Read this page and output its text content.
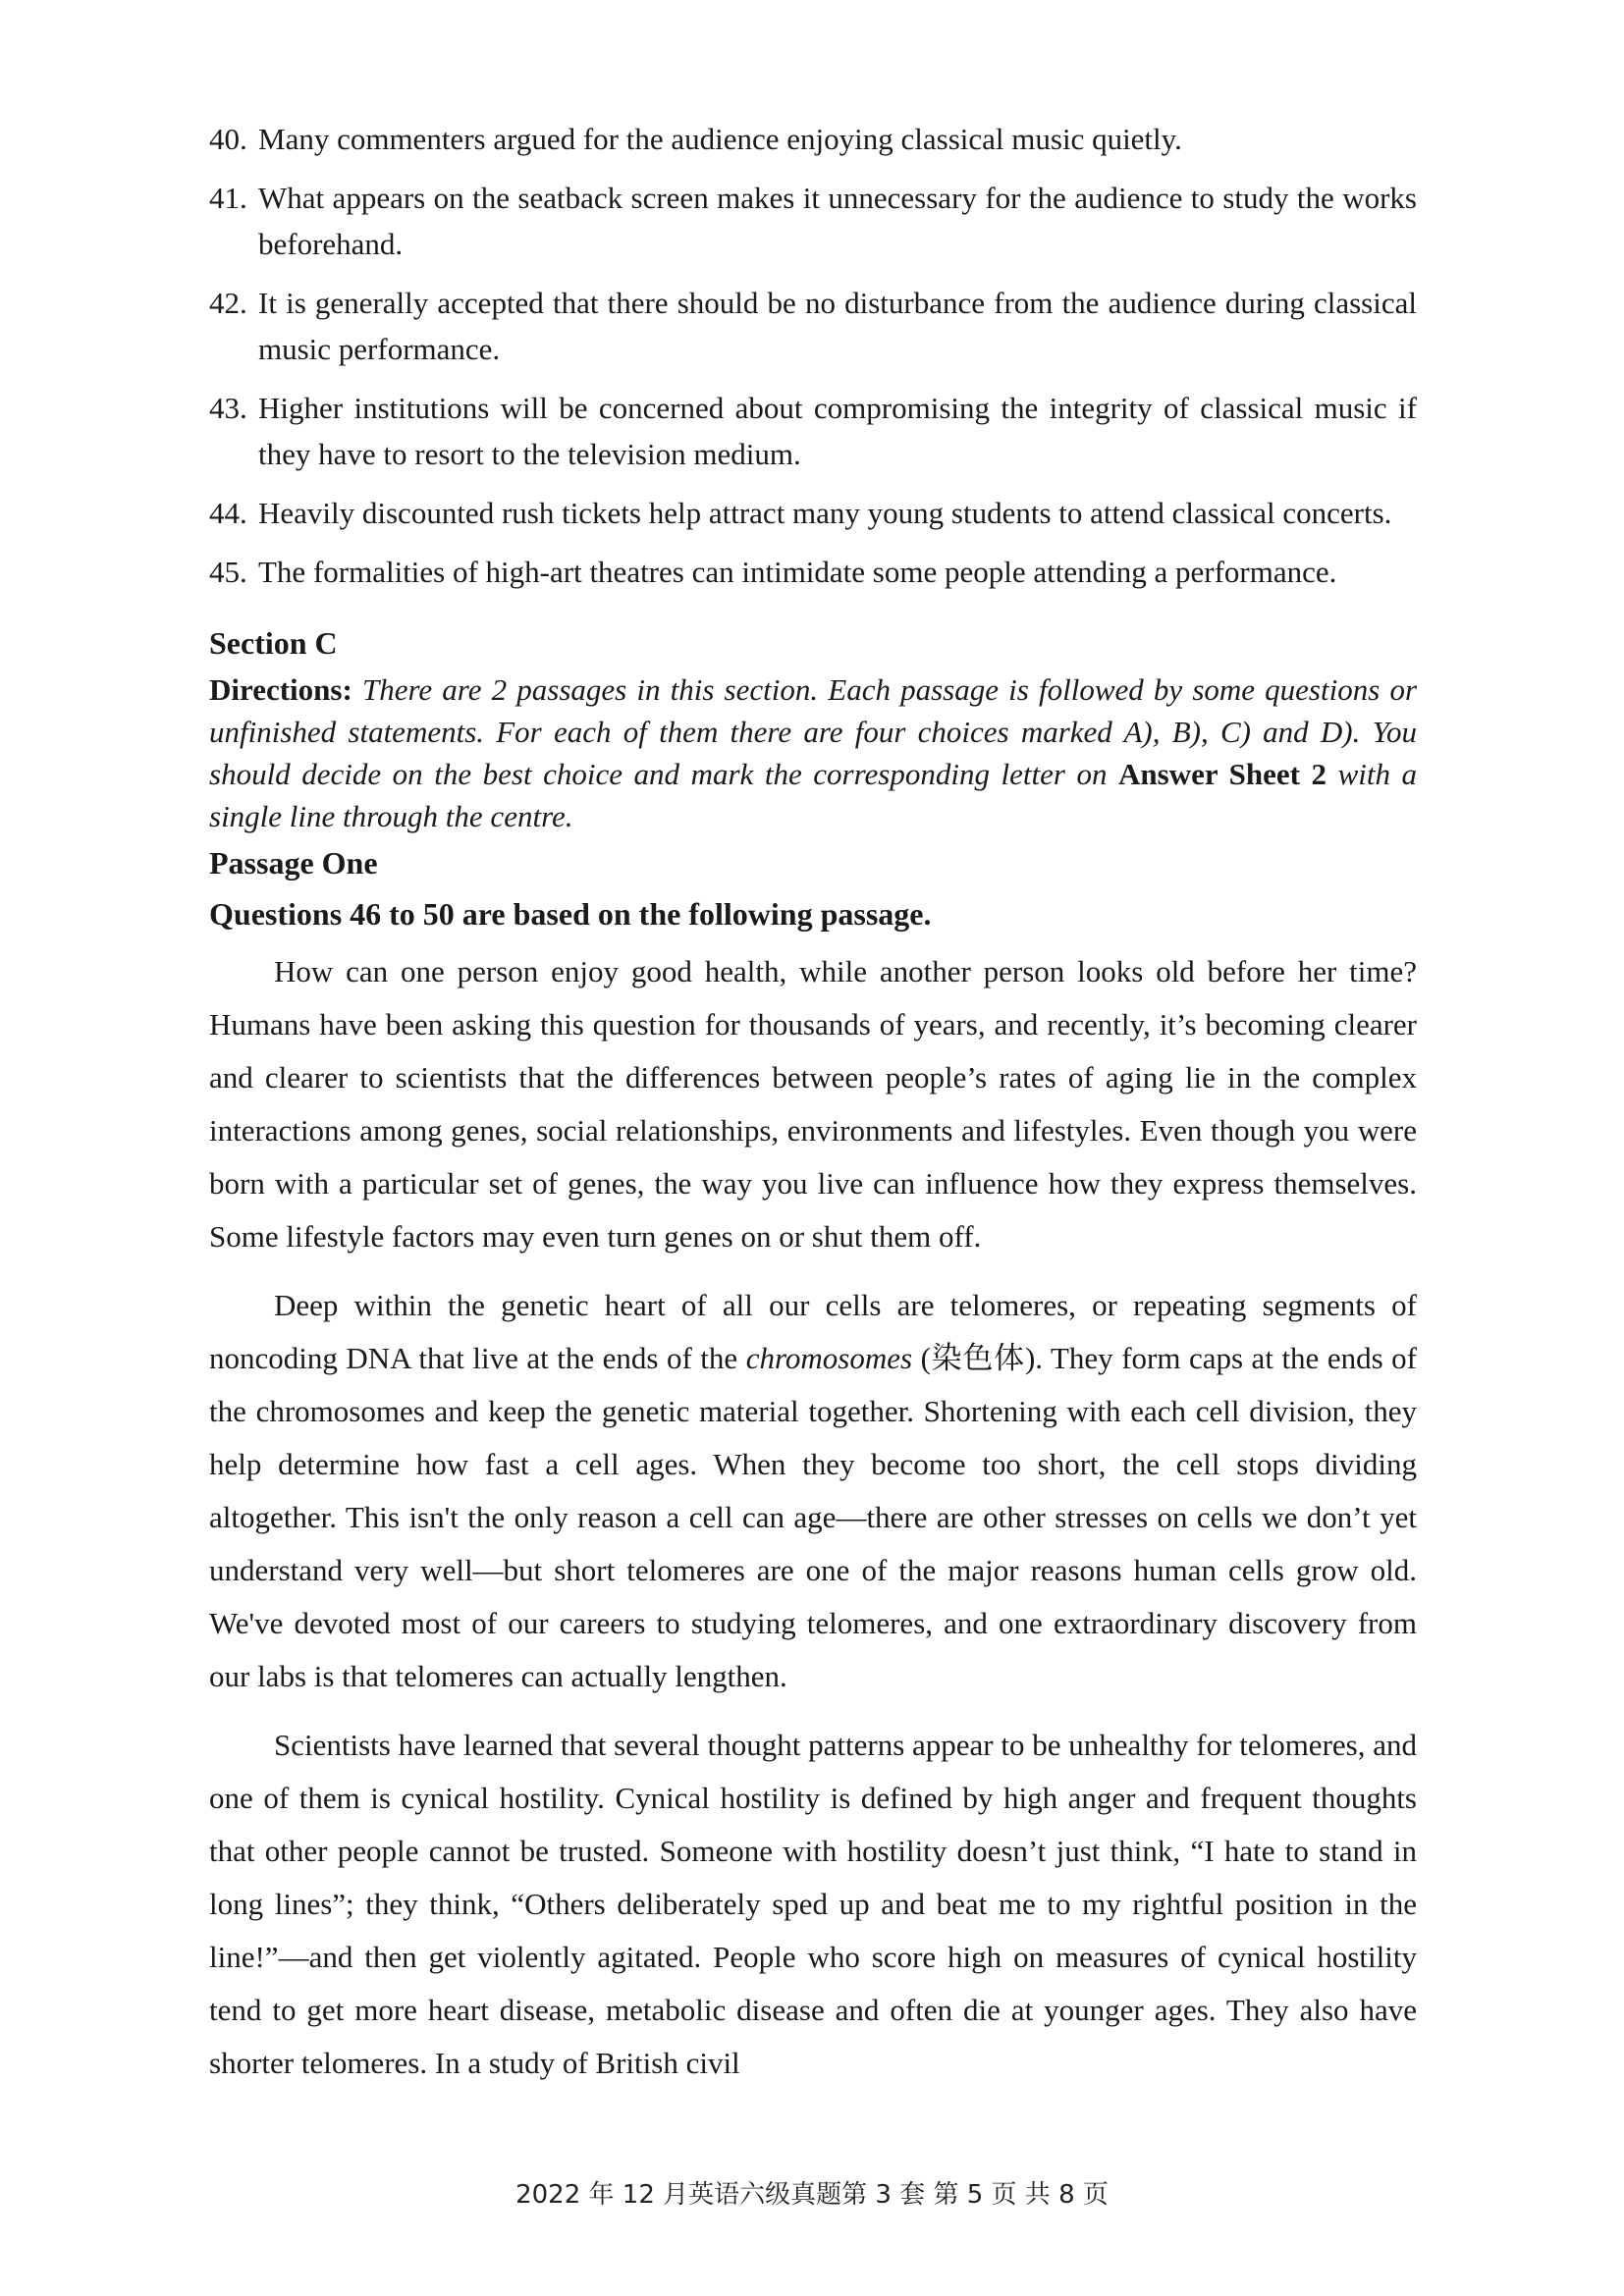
40. Many commenters argued for the audience enjoying classical music quietly.
41. What appears on the seatback screen makes it unnecessary for the audience to study the works beforehand.
42. It is generally accepted that there should be no disturbance from the audience during classical music performance.
43. Higher institutions will be concerned about compromising the integrity of classical music if they have to resort to the television medium.
44. Heavily discounted rush tickets help attract many young students to attend classical concerts.
45. The formalities of high-art theatres can intimidate some people attending a performance.

Section C

Directions: There are 2 passages in this section. Each passage is followed by some questions or unfinished statements. For each of them there are four choices marked A), B), C) and D). You should decide on the best choice and mark the corresponding letter on Answer Sheet 2 with a single line through the centre.

Passage One

Questions 46 to 50 are based on the following passage.

How can one person enjoy good health, while another person looks old before her time? Humans have been asking this question for thousands of years, and recently, it’s becoming clearer and clearer to scientists that the differences between people’s rates of aging lie in the complex interactions among genes, social relationships, environments and lifestyles. Even though you were born with a particular set of genes, the way you live can influence how they express themselves. Some lifestyle factors may even turn genes on or shut them off.

Deep within the genetic heart of all our cells are telomeres, or repeating segments of noncoding DNA that live at the ends of the chromosomes (染色体). They form caps at the ends of the chromosomes and keep the genetic material together. Shortening with each cell division, they help determine how fast a cell ages. When they become too short, the cell stops dividing altogether. This isn't the only reason a cell can age—there are other stresses on cells we don’t yet understand very well—but short telomeres are one of the major reasons human cells grow old. We've devoted most of our careers to studying telomeres, and one extraordinary discovery from our labs is that telomeres can actually lengthen.

Scientists have learned that several thought patterns appear to be unhealthy for telomeres, and one of them is cynical hostility. Cynical hostility is defined by high anger and frequent thoughts that other people cannot be trusted. Someone with hostility doesn’t just think, “I hate to stand in long lines”; they think, “Others deliberately sped up and beat me to my rightful position in the line!”—and then get violently agitated. People who score high on measures of cynical hostility tend to get more heart disease, metabolic disease and often die at younger ages. They also have shorter telomeres. In a study of British civil

2022 年 12 月英语六级真题第 3 套 第 5 页 共 8 页
